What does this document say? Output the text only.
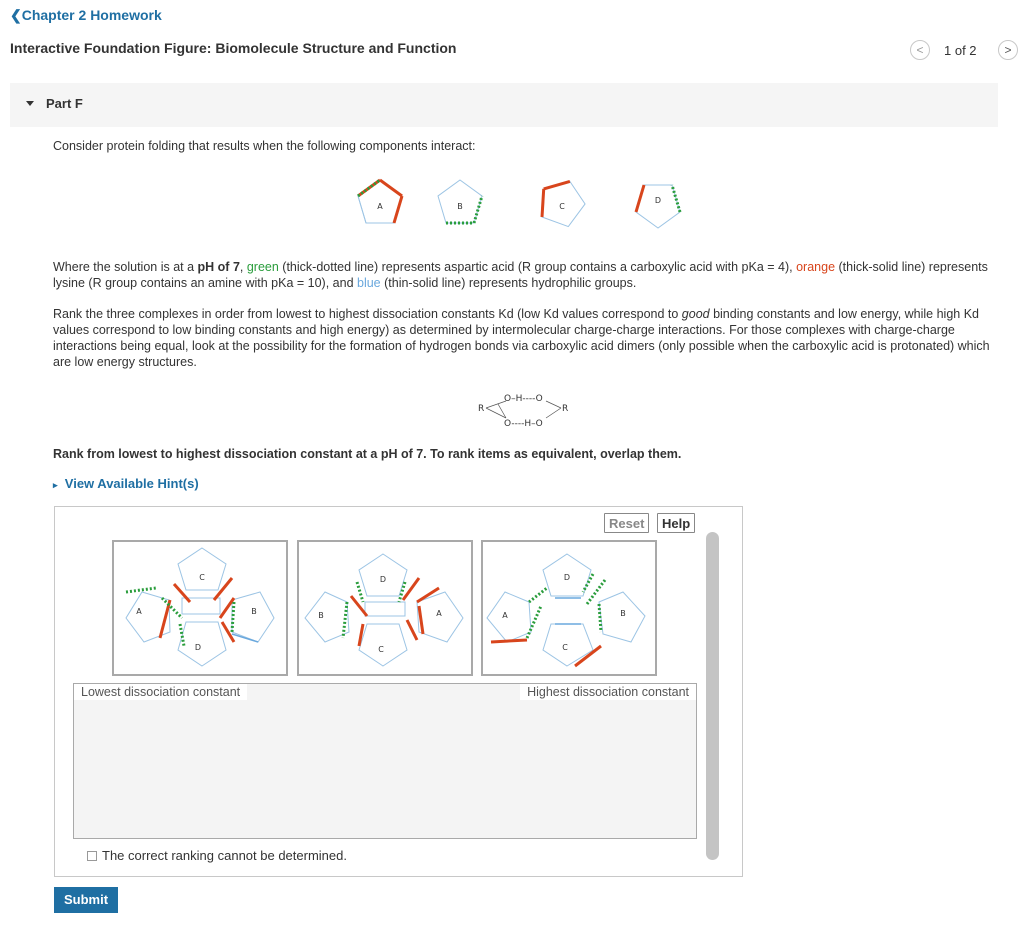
❮Chapter 2 Homework
Interactive Foundation Figure: Biomolecule Structure and Function	<	1 of 2	>
Part F
Consider protein folding that results when the following components interact:
A	B	C
D
Where the solution is at a pH of 7, green (thick-dotted line) represents aspartic acid (R group contains a carboxylic acid with pKa = 4), orange (thick-solid line) represents lysine (R group contains an amine with pKa = 10), and blue (thin-solid line) represents hydrophilic groups.
Rank the three complexes in order from lowest to highest dissociation constants Kd (low Kd values correspond to good binding constants and low energy, while high Kd values correspond to low binding constants and high energy) as determined by intermolecular charge-charge interactions. For those complexes with charge-charge interactions being equal, look at the possibility for the formation of hydrogen bonds via carboxylic acid dimers (only possible when the carboxylic acid is protonated) which are low energy structures.
R
O–H----O
O----H–O
R
Rank from lowest to highest dissociation constant at a pH of 7. To rank items as equivalent, overlap them.
▸ View Available Hint(s)
Reset	Help
A
C
B
D
B
D
A
C
A
D
B
C
Lowest dissociation constant	Highest dissociation constant
The correct ranking cannot be determined.
Submit
